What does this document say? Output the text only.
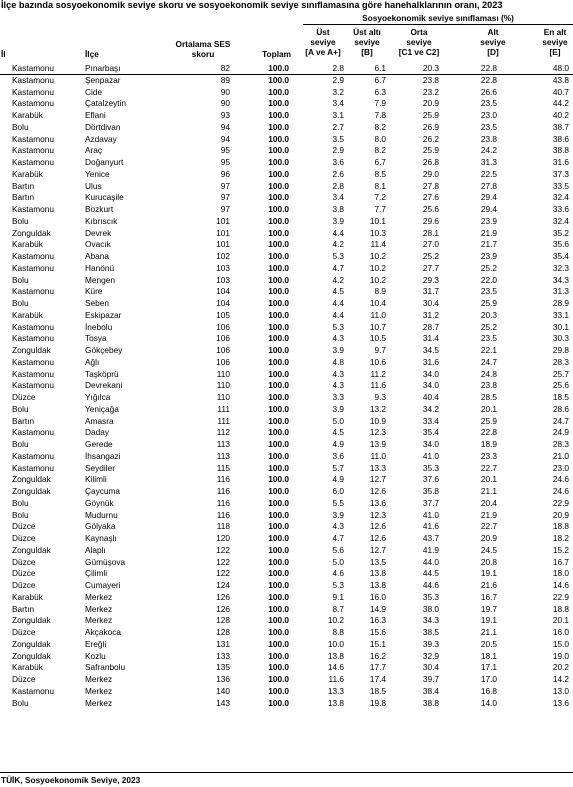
İlçe bazında sosyoekonomik seviye skoru ve sosyoekonomik seviye sınıflamasına göre hanehalklarının oranı, 2023
Sosyoekonomik seviye sınıflaması (%)
İl	İlçe
Ortalama SES
skoru	Toplam
Üst
seviye
[A ve A+]
Üst altı
seviye
[B]
Orta
seviye
[C1 ve C2]
Alt
seviye
[D]
En alt
seviye
[E]
Kastamonu	Pınarbaşı	82	100.0	2.8	6.1	20.3	22.8	48.0
Kastamonu	Şenpazar	89	100.0	2.9	6.7	23.8	22.8	43.8
Kastamonu	Cide	90	100.0	3.2	6.3	23.2	26.6	40.7
Kastamonu	Çatalzeytin	90	100.0	3.4	7.9	20.9	23.5	44.2
Karabük	Eflani	93	100.0	3.1	7.8	25.9	23.0	40.2
Bolu	Dörtdivan	94	100.0	2.7	8.2	26.9	23.5	38.7
Kastamonu	Azdavay	94	100.0	3.5	8.0	26.2	23.8	38.6
Kastamonu	Araç	95	100.0	2.9	8.2	25.9	24.2	38.8
Kastamonu	Doğanyurt	95	100.0	3.6	6.7	26.8	31.3	31.6
Karabük	Yenice	96	100.0	2.6	8.5	29.0	22.5	37.3
Bartın	Ulus	97	100.0	2.8	8.1	27.8	27.8	33.5
Bartın	Kurucaşile	97	100.0	3.4	7.2	27.6	29.4	32.4
Kastamonu	Bozkurt	97	100.0	3.8	7.7	25.6	29.4	33.6
Bolu	Kıbrıscık	101	100.0	3.9	10.1	29.6	23.9	32.4
Zonguldak	Devrek	101	100.0	4.4	10.3	28.1	21.9	35.2
Karabük	Ovacık	101	100.0	4.2	11.4	27.0	21.7	35.6
Kastamonu	Abana	102	100.0	5.3	10.2	25.2	23.9	35.4
Kastamonu	Hanönü	103	100.0	4.7	10.2	27.7	25.2	32.3
Bolu	Mengen	103	100.0	4.2	10.2	29.3	22.0	34.3
Kastamonu	Küre	104	100.0	4.5	8.9	31.7	23.5	31.3
Bolu	Seben	104	100.0	4.4	10.4	30.4	25.9	28.9
Karabük	Eskipazar	105	100.0	4.4	11.0	31.2	20.3	33.1
Kastamonu	İnebolu	106	100.0	5.3	10.7	28.7	25.2	30.1
Kastamonu	Tosya	106	100.0	4.3	10.5	31.4	23.5	30.3
Zonguldak	Gökçebey	106	100.0	3.9	9.7	34.5	22.1	29.8
Kastamonu	Ağlı	106	100.0	4.8	10.6	31.6	24.7	28.3
Kastamonu	Taşköprü	110	100.0	4.3	11.2	34.0	24.8	25.7
Kastamonu	Devrekani	110	100.0	4.3	11.6	34.0	23.8	25.6
Düzce	Yığılca	110	100.0	3.3	9.3	40.4	28.5	18.5
Bolu	Yeniçağa	111	100.0	3.9	13.2	34.2	20.1	28.6
Bartın	Amasra	111	100.0	5.0	10.9	33.4	25.9	24.7
Kastamonu	Daday	112	100.0	4.5	12.3	35.4	22.8	24.9
Bolu	Gerede	113	100.0	4.9	13.9	34.0	18.9	28.3
Kastamonu	İhsangazi	113	100.0	3.6	11.0	41.0	23.3	21.0
Kastamonu	Seydiler	115	100.0	5.7	13.3	35.3	22.7	23.0
Zonguldak	Kilimli	116	100.0	4.9	12.7	37.6	20.1	24.6
Zonguldak	Çaycuma	116	100.0	6.0	12.6	35.8	21.1	24.6
Bolu	Göynük	116	100.0	5.5	13.6	37.7	20.4	22.9
Bolu	Mudurnu	116	100.0	3.9	12.3	41.0	21.9	20.9
Düzce	Gölyaka	118	100.0	4.3	12.6	41.6	22.7	18.8
Düzce	Kaynaşlı	120	100.0	4.7	12.6	43.7	20.9	18.2
Zonguldak	Alaplı	122	100.0	5.6	12.7	41.9	24.5	15.2
Düzce	Gümüşova	122	100.0	5.0	13.5	44.0	20.8	16.7
Düzce	Çilimli	122	100.0	4.6	13.8	44.5	19.1	18.0
Düzce	Cumayeri	124	100.0	5.3	13.8	44.6	21.6	14.6
Karabük	Merkez	126	100.0	9.1	16.0	35.3	16.7	22.9
Bartın	Merkez	126	100.0	8.7	14.9	38.0	19.7	18.8
Zonguldak	Merkez	128	100.0	10.2	16.3	34.3	19.1	20.1
Düzce	Akçakoca	128	100.0	8.8	15.6	38.5	21.1	16.0
Zonguldak	Ereğli	131	100.0	10.0	15.1	39.3	20.5	15.0
Zonguldak	Kozlu	133	100.0	13.8	16.2	32.9	18.1	19.0
Karabük	Safranbolu	135	100.0	14.6	17.7	30.4	17.1	20.2
Düzce	Merkez	136	100.0	11.6	17.4	39.7	17.0	14.2
Kastamonu	Merkez	140	100.0	13.3	18.5	38.4	16.8	13.0
Bolu	Merkez	143	100.0	13.8	19.8	38.8	14.0	13.6
TÜİK, Sosyoekonomik Seviye, 2023
